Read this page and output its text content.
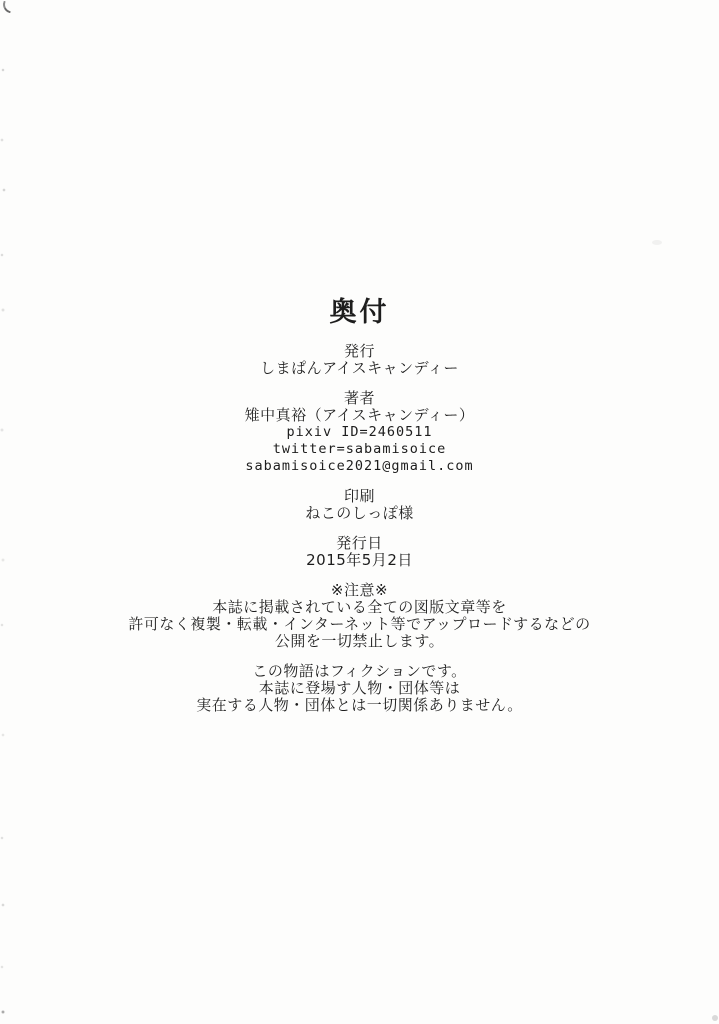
奥付

発行

しまぱんアイスキャンディー

著者

雉中真裕（アイスキャンディー）

pixiv ID=2460511

twitter=sabamisoice

sabamisoice2021@gmail.com

印刷

ねこのしっぽ様

発行日

2015年5月2日

※注意※

本誌に掲載されている全ての図版文章等を

許可なく複製・転載・インターネット等でアップロードするなどの

公開を一切禁止します。

この物語はフィクションです。

本誌に登場す人物・団体等は

実在する人物・団体とは一切関係ありません。
